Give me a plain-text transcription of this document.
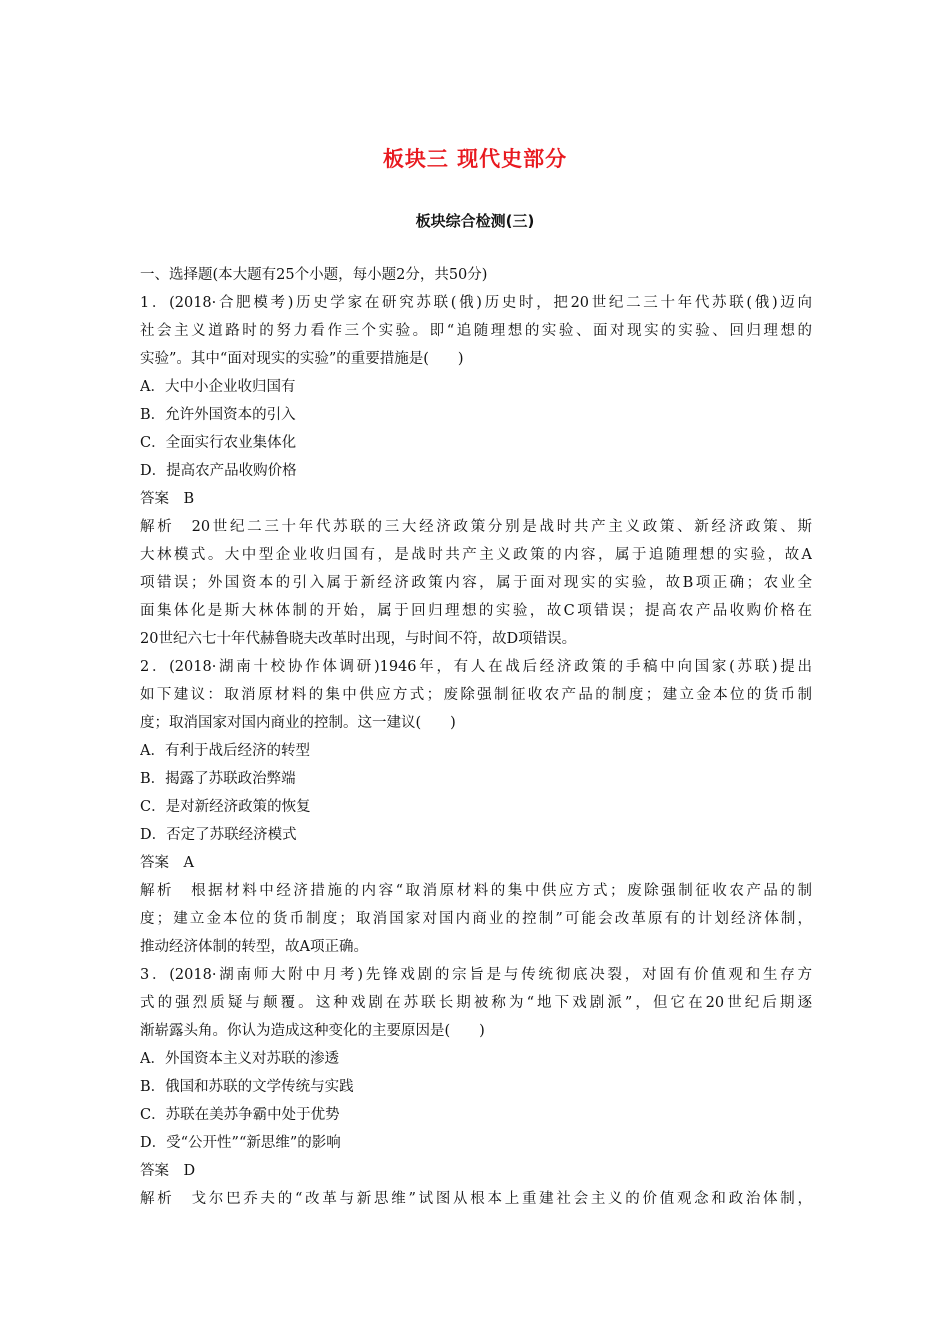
板块三 现代史部分
板块综合检测(三)
一、选择题(本大题有25个小题，每小题2分，共50分)
1．(2018·合肥模考)历史学家在研究苏联(俄)历史时，把20世纪二三十年代苏联(俄)迈向
社会主义道路时的努力看作三个实验。即“追随理想的实验、面对现实的实验、回归理想的
实验”。其中“面对现实的实验”的重要措施是(　　)
A．大中小企业收归国有
B．允许外国资本的引入
C．全面实行农业集体化
D．提高农产品收购价格
答案　B
解析　20世纪二三十年代苏联的三大经济政策分别是战时共产主义政策、新经济政策、斯
大林模式。大中型企业收归国有，是战时共产主义政策的内容，属于追随理想的实验，故A
项错误；外国资本的引入属于新经济政策内容，属于面对现实的实验，故B项正确；农业全
面集体化是斯大林体制的开始，属于回归理想的实验，故C项错误；提高农产品收购价格在
20世纪六七十年代赫鲁晓夫改革时出现，与时间不符，故D项错误。
2．(2018·湖南十校协作体调研)1946年，有人在战后经济政策的手稿中向国家(苏联)提出
如下建议：取消原材料的集中供应方式；废除强制征收农产品的制度；建立金本位的货币制
度；取消国家对国内商业的控制。这一建议(　　)
A．有利于战后经济的转型
B．揭露了苏联政治弊端
C．是对新经济政策的恢复
D．否定了苏联经济模式
答案　A
解析　根据材料中经济措施的内容“取消原材料的集中供应方式；废除强制征收农产品的制
度；建立金本位的货币制度；取消国家对国内商业的控制”可能会改革原有的计划经济体制，
推动经济体制的转型，故A项正确。
3．(2018·湖南师大附中月考)先锋戏剧的宗旨是与传统彻底决裂，对固有价值观和生存方
式的强烈质疑与颠覆。这种戏剧在苏联长期被称为“地下戏剧派”，但它在20世纪后期逐
渐崭露头角。你认为造成这种变化的主要原因是(　　)
A．外国资本主义对苏联的渗透
B．俄国和苏联的文学传统与实践
C．苏联在美苏争霸中处于优势
D．受“公开性”“新思维”的影响
答案　D
解析　戈尔巴乔夫的“改革与新思维”试图从根本上重建社会主义的价值观念和政治体制，
